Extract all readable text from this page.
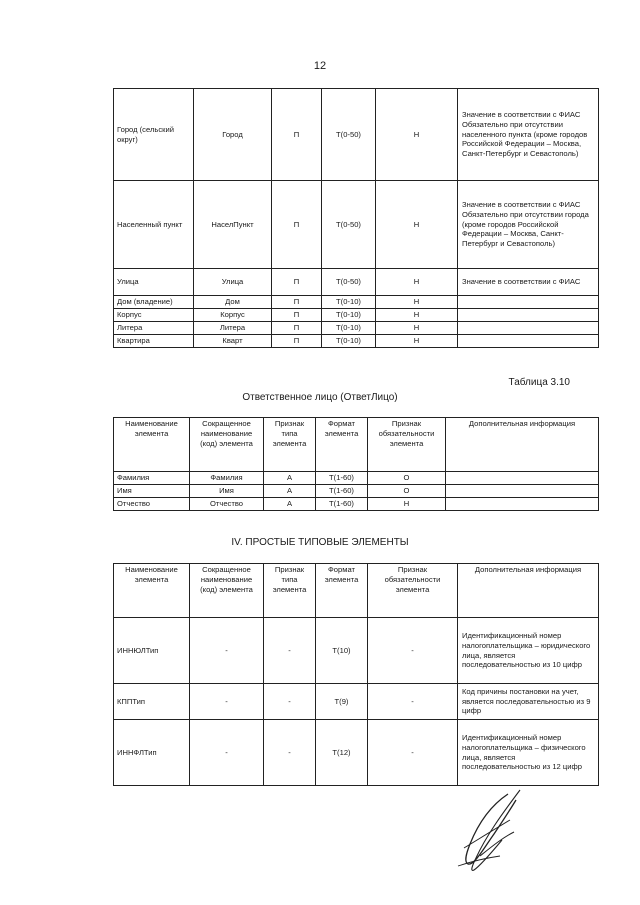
12
Город (сельский округ)	Город	П	Т(0-50)	Н	Значение в соответствии с ФИАС
Обязательно при отсутствии населенного пункта (кроме городов Российской Федерации – Москва, Санкт-Петербург и Севастополь)

Населенный пункт	НаселПункт	П	Т(0-50)	Н	Значение в соответствии с ФИАС
Обязательно при отсутствии города (кроме городов Российской Федерации – Москва, Санкт-Петербург и Севастополь)

Улица	Улица	П	Т(0-50)	Н	Значение в соответствии с ФИАС
Дом (владение)	Дом	П	Т(0-10)	Н	
Корпус	Корпус	П	Т(0-10)	Н	
Литера	Литера	П	Т(0-10)	Н	
Квартира	Кварт	П	Т(0-10)	Н	
Таблица 3.10
Ответственное лицо (ОтветЛицо)
Наименование элемента	Сокращенное наименование (код) элемента	Признак типа элемента	Формат элемента	Признак обязательности элемента	Дополнительная информация
Фамилия	Фамилия	А	Т(1-60)	О	
Имя	Имя	А	Т(1-60)	О	
Отчество	Отчество	А	Т(1-60)	Н	
IV. ПРОСТЫЕ ТИПОВЫЕ ЭЛЕМЕНТЫ
Наименование элемента	Сокращенное наименование (код) элемента	Признак типа элемента	Формат элемента	Признак обязательности элемента	Дополнительная информация
ИННЮЛТип	-	-	Т(10)	-	Идентификационный номер налогоплательщика – юридического лица, является последовательностью из 10 цифр
КППТип	-	-	Т(9)	-	Код причины постановки на учет, является последовательностью из 9 цифр
ИННФЛТип	-	-	Т(12)	-	Идентификационный номер налогоплательщика – физического лица, является последовательностью из 12 цифр
